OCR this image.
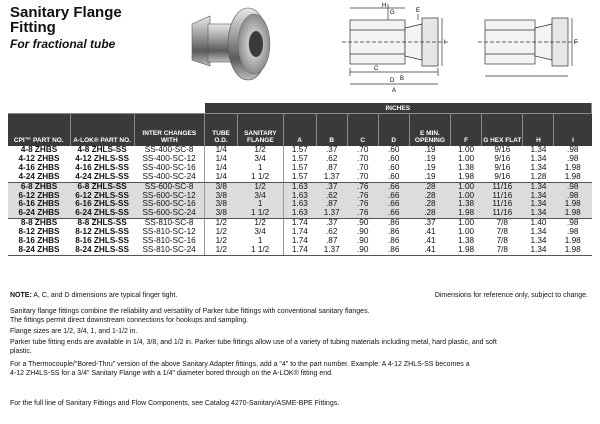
Sanitary Flange
Fitting
For fractional tube
H
G	E
I
C
B
D
A
F
			INCHES										
CPI™ PART NO.	A-LOK® PART NO.	INTER CHANGES WITH	TUBE O.D.	SANITARY FLANGE	A	B	C	D	E MIN. OPENING	F	G HEX FLAT	H	I
4-8 ZHBS	4-8 ZHLS-SS	SS-400-SC-8	1/4	1/2	1.57	.37	.70	.60	.19	1.00	9/16	1.34	.98
4-12 ZHBS	4-12 ZHLS-SS	SS-400-SC-12	1/4	3/4	1.57	.62	.70	.60	.19	1.00	9/16	1.34	.98
4-16 ZHBS	4-16 ZHLS-SS	SS-400-SC-16	1/4	1	1.57	.87	.70	.60	.19	1.38	9/16	1.34	1.98
4-24 ZHBS	4-24 ZHLS-SS	SS-400-SC-24	1/4	1 1/2	1.57	1.37	.70	.60	.19	1.98	9/16	1.28	1.98
6-8 ZHBS	6-8 ZHLS-SS	SS-600-SC-8	3/8	1/2	1.63	.37	.76	.66	.28	1.00	11/16	1.34	.98
6-12 ZHBS	6-12 ZHLS-SS	SS-600-SC-12	3/8	3/4	1.63	.62	.76	.66	.28	1.00	11/16	1.34	.98
6-16 ZHBS	6-16 ZHLS-SS	SS-600-SC-16	3/8	1	1.63	.87	.76	.66	.28	1.38	11/16	1.34	1.98
6-24 ZHBS	6-24 ZHLS-SS	SS-600-SC-24	3/8	1 1/2	1.63	1.37	.76	.66	.28	1.98	11/16	1.34	1.98
8-8 ZHBS	8-8 ZHLS-SS	SS-810-SC-8	1/2	1/2	1.74	.37	.90	.86	.37	1.00	7/8	1.40	.98
8-12 ZHBS	8-12 ZHLS-SS	SS-810-SC-12	1/2	3/4	1.74	.62	.90	.86	.41	1.00	7/8	1.34	.98
8-16 ZHBS	8-16 ZHLS-SS	SS-810-SC-16	1/2	1	1.74	.87	.90	.86	.41	1.38	7/8	1.34	1.98
8-24 ZHBS	8-24 ZHLS-SS	SS-810-SC-24	1/2	1 1/2	1.74	1.37	.90	.86	.41	1.98	7/8	1.34	1.98
NOTE: A, C, and D dimensions are typical finger tight.	Dimensions for reference only, subject to change.
Sanitary flange fittings combine the reliability and versatility of Parker tube fittings with conventional sanitary flanges.
The fittings permit direct downstream connections for hookups and sampling.
Flange sizes are 1/2, 3/4, 1, and 1-1/2 in.
Parker tube fitting ends are available in 1/4, 3/8, and 1/2 in. Parker tube fittings allow use of a variety of tubing materials including metal, hard plastic, and soft
plastic.
For a Thermocouple/"Bored-Thru" version of the above Sanitary Adapter fittings, add a "4" to the part number. Example: A 4-12 ZHLS-SS becomes a
4-12 ZH4LS-SS for a 3/4" Sanitary Flange with a 1/4" diameter bored through on the A-LOK® fitting end.
For the full line of Sanitary Fittings and Flow Components, see Catalog 4270-Sanitary/ASME-BPE Fittings.
